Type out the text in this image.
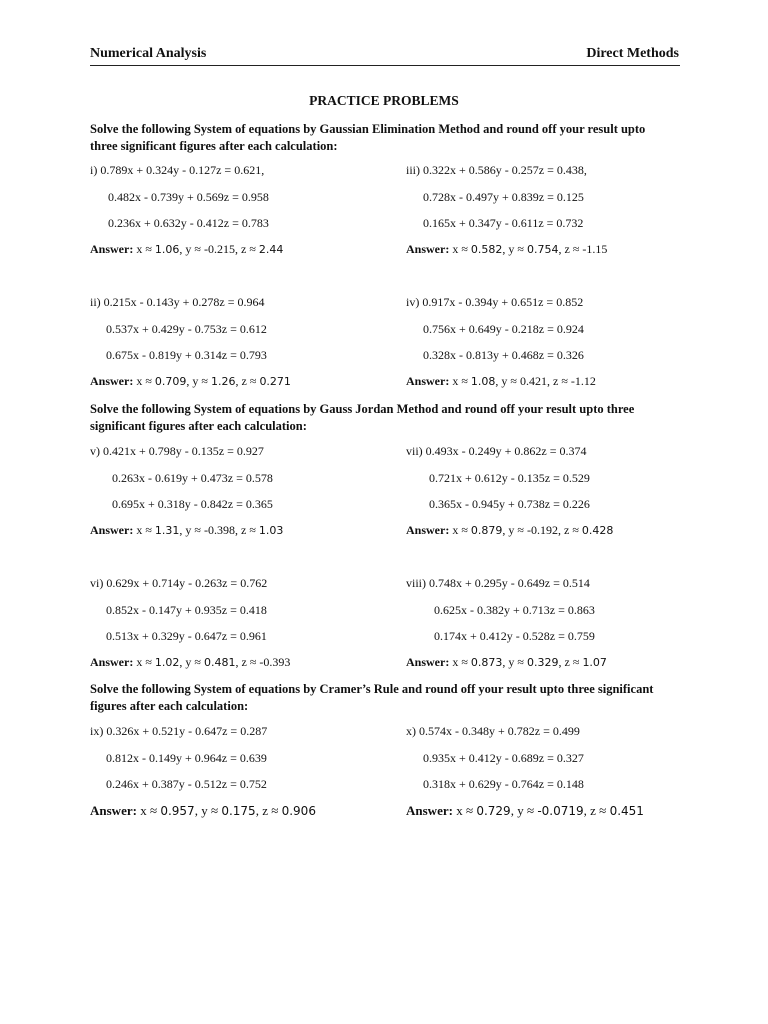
Numerical Analysis	Direct Methods
PRACTICE PROBLEMS
Solve the following System of equations by Gaussian Elimination Method and round off your result upto three significant figures after each calculation:
i) 0.789x + 0.324y - 0.127z = 0.621,
0.482x - 0.739y + 0.569z = 0.958
0.236x + 0.632y - 0.412z = 0.783
Answer: x ≈ 1.06, y ≈ -0.215, z ≈ 2.44
iii) 0.322x + 0.586y - 0.257z = 0.438,
0.728x - 0.497y + 0.839z = 0.125
0.165x + 0.347y - 0.611z = 0.732
Answer: x ≈ 0.582, y ≈ 0.754, z ≈ -1.15
ii) 0.215x - 0.143y + 0.278z = 0.964
0.537x + 0.429y - 0.753z = 0.612
0.675x - 0.819y + 0.314z = 0.793
Answer: x ≈ 0.709, y ≈ 1.26, z ≈ 0.271
iv) 0.917x - 0.394y + 0.651z = 0.852
0.756x + 0.649y - 0.218z = 0.924
0.328x - 0.813y + 0.468z = 0.326
Answer: x ≈ 1.08, y ≈ 0.421, z ≈ -1.12
Solve the following System of equations by Gauss Jordan Method and round off your result upto three significant figures after each calculation:
v) 0.421x + 0.798y - 0.135z = 0.927
0.263x - 0.619y + 0.473z = 0.578
0.695x + 0.318y - 0.842z = 0.365
Answer: x ≈ 1.31, y ≈ -0.398, z ≈ 1.03
vii) 0.493x - 0.249y + 0.862z = 0.374
0.721x + 0.612y - 0.135z = 0.529
0.365x - 0.945y + 0.738z = 0.226
Answer: x ≈ 0.879, y ≈ -0.192, z ≈ 0.428
vi) 0.629x + 0.714y - 0.263z = 0.762
0.852x - 0.147y + 0.935z = 0.418
0.513x + 0.329y - 0.647z = 0.961
Answer: x ≈ 1.02, y ≈ 0.481, z ≈ -0.393
viii) 0.748x + 0.295y - 0.649z = 0.514
0.625x - 0.382y + 0.713z = 0.863
0.174x + 0.412y - 0.528z = 0.759
Answer: x ≈ 0.873, y ≈ 0.329, z ≈ 1.07
Solve the following System of equations by Cramer’s Rule and round off your result upto three significant figures after each calculation:
ix) 0.326x + 0.521y - 0.647z = 0.287
0.812x - 0.149y + 0.964z = 0.639
0.246x + 0.387y - 0.512z = 0.752
Answer: x ≈ 0.957, y ≈ 0.175, z ≈ 0.906
x) 0.574x - 0.348y + 0.782z = 0.499
0.935x + 0.412y - 0.689z = 0.327
0.318x + 0.629y - 0.764z = 0.148
Answer: x ≈ 0.729, y ≈ -0.0719, z ≈ 0.451
